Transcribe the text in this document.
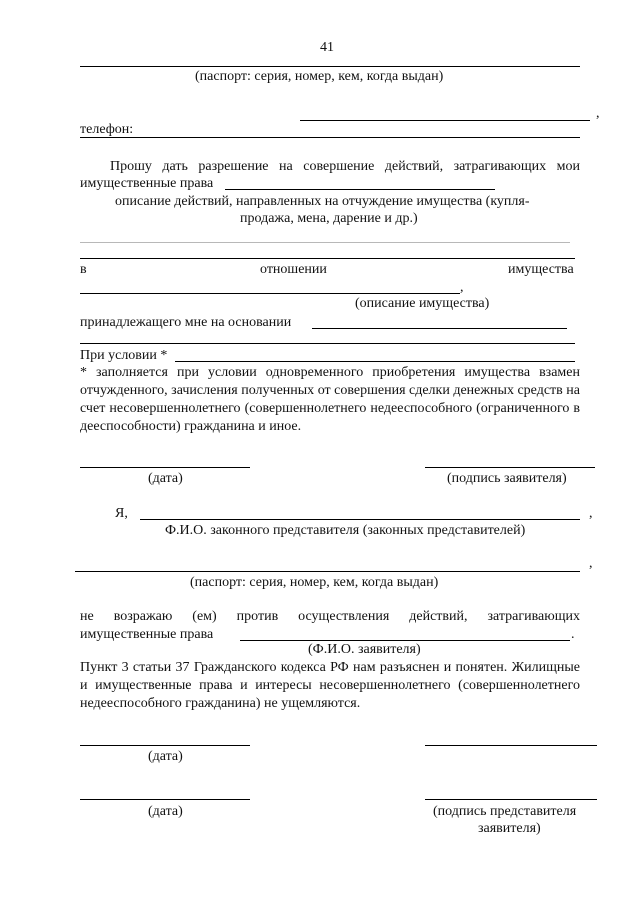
41
(паспорт: серия, номер, кем, когда выдан)
,
телефон:
Прошу дать разрешение на совершение действий, затрагивающих мои
имущественные права
описание действий, направленных на отчуждение имущества (купля-
продажа, мена, дарение и др.)
в	отношении	имущества
,
(описание имущества)
принадлежащего мне на основании
При условии *
* заполняется при условии одновременного приобретения имущества взамен отчужденного, зачисления полученных от совершения сделки денежных средств на счет несовершеннолетнего (совершеннолетнего недееспособного (ограниченного в дееспособности) гражданина и иное.
(дата)	(подпись заявителя)
Я,	,
Ф.И.О. законного представителя (законных представителей)
,
(паспорт: серия, номер, кем, когда выдан)
не возражаю (ем) против осуществления действий, затрагивающих
имущественные права	.
(Ф.И.О. заявителя)
Пункт 3 статьи 37 Гражданского кодекса РФ нам разъяснен и понятен. Жилищные и имущественные права и интересы несовершеннолетнего (совершеннолетнего недееспособного гражданина) не ущемляются.
(дата)
(дата)	(подпись представителя
заявителя)
